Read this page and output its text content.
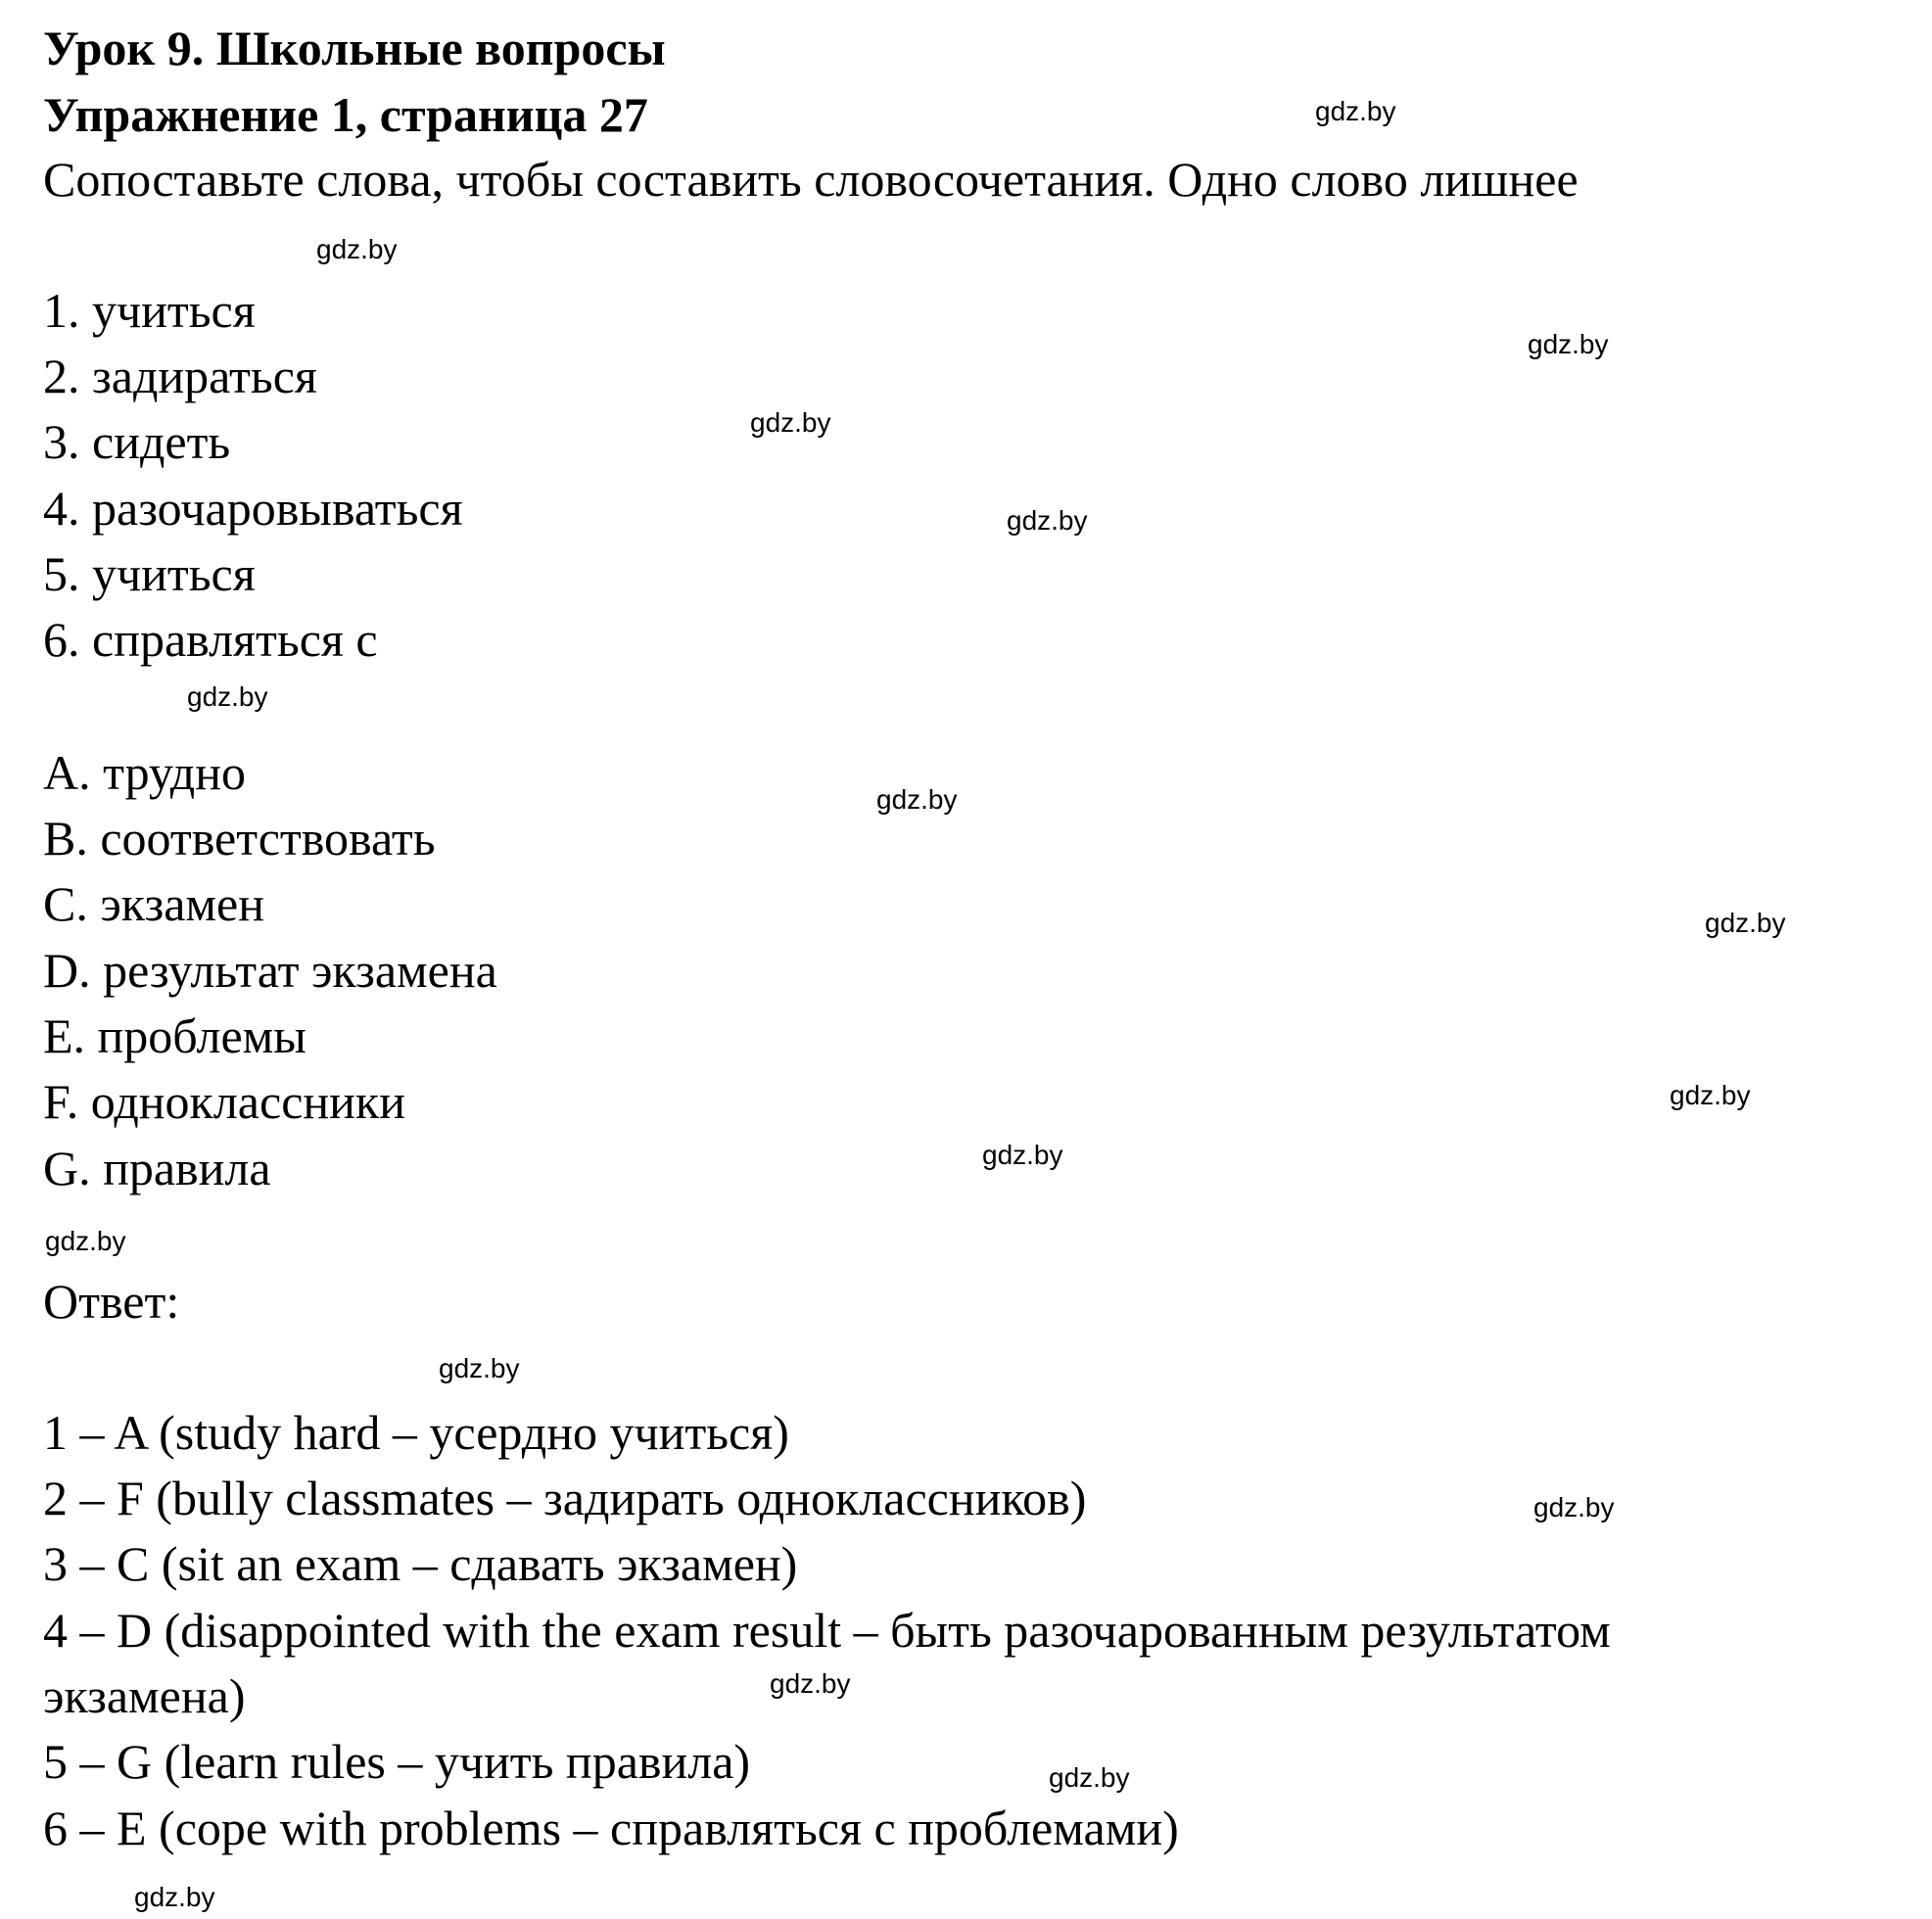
Урок 9. Школьные вопросы
Упражнение 1, страница 27
Сопоставьте слова, чтобы составить словосочетания. Одно слово лишнее
1. учиться
2. задираться
3. сидеть
4. разочаровываться
5. учиться
6. справляться с
A. трудно
B. соответствовать
C. экзамен
D. результат экзамена
E. проблемы
F. одноклассники
G. правила
Ответ:
1 – A (study hard – усердно учиться)
2 – F (bully classmates – задирать одноклассников)
3 – C (sit an exam – сдавать экзамен)
4 – D (disappointed with the exam result – быть разочарованным результатом
экзамена)
5 – G (learn rules – учить правила)
6 – E (cope with problems – справляться с проблемами)
gdz.by
gdz.by
gdz.by
gdz.by
gdz.by
gdz.by
gdz.by
gdz.by
gdz.by
gdz.by
gdz.by
gdz.by
gdz.by
gdz.by
gdz.by
gdz.by
